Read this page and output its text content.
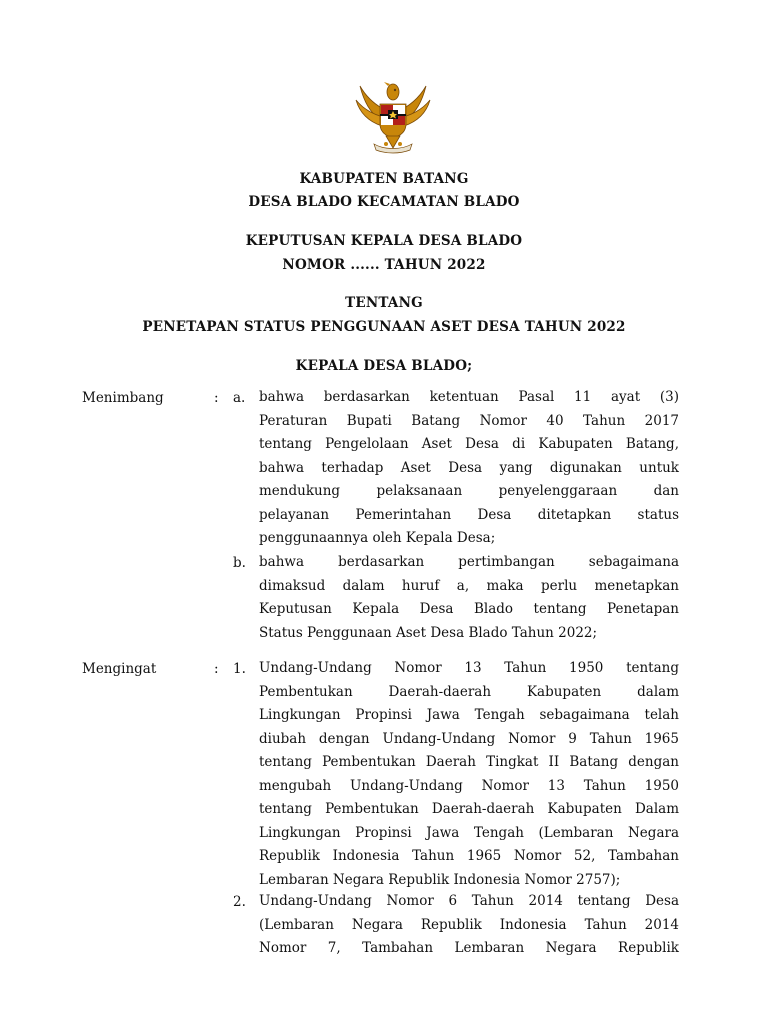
KABUPATEN BATANG
DESA BLADO KECAMATAN BLADO
KEPUTUSAN KEPALA DESA BLADO
NOMOR ...... TAHUN 2022
TENTANG
PENETAPAN STATUS PENGGUNAAN ASET DESA TAHUN 2022
KEPALA DESA BLADO;
Menimbang	: a. bahwa berdasarkan ketentuan Pasal 11 ayat (3)
Peraturan Bupati Batang Nomor 40 Tahun 2017
tentang Pengelolaan Aset Desa di Kabupaten Batang,
bahwa terhadap Aset Desa yang digunakan untuk
mendukung pelaksanaan penyelenggaraan dan
pelayanan Pemerintahan Desa ditetapkan status
penggunaannya oleh Kepala Desa;
b. bahwa berdasarkan pertimbangan sebagaimana
dimaksud dalam huruf a, maka perlu menetapkan
Keputusan Kepala Desa Blado tentang Penetapan
Status Penggunaan Aset Desa Blado Tahun 2022;
Mengingat	: 1. Undang-Undang Nomor 13 Tahun 1950 tentang
Pembentukan Daerah-daerah Kabupaten dalam
Lingkungan Propinsi Jawa Tengah sebagaimana telah
diubah dengan Undang-Undang Nomor 9 Tahun 1965
tentang Pembentukan Daerah Tingkat II Batang dengan
mengubah Undang-Undang Nomor 13 Tahun 1950
tentang Pembentukan Daerah-daerah Kabupaten Dalam
Lingkungan Propinsi Jawa Tengah (Lembaran Negara
Republik Indonesia Tahun 1965 Nomor 52, Tambahan
Lembaran Negara Republik Indonesia Nomor 2757);
2. Undang-Undang Nomor 6 Tahun 2014 tentang Desa
(Lembaran Negara Republik Indonesia Tahun 2014
Nomor 7, Tambahan Lembaran Negara Republik
